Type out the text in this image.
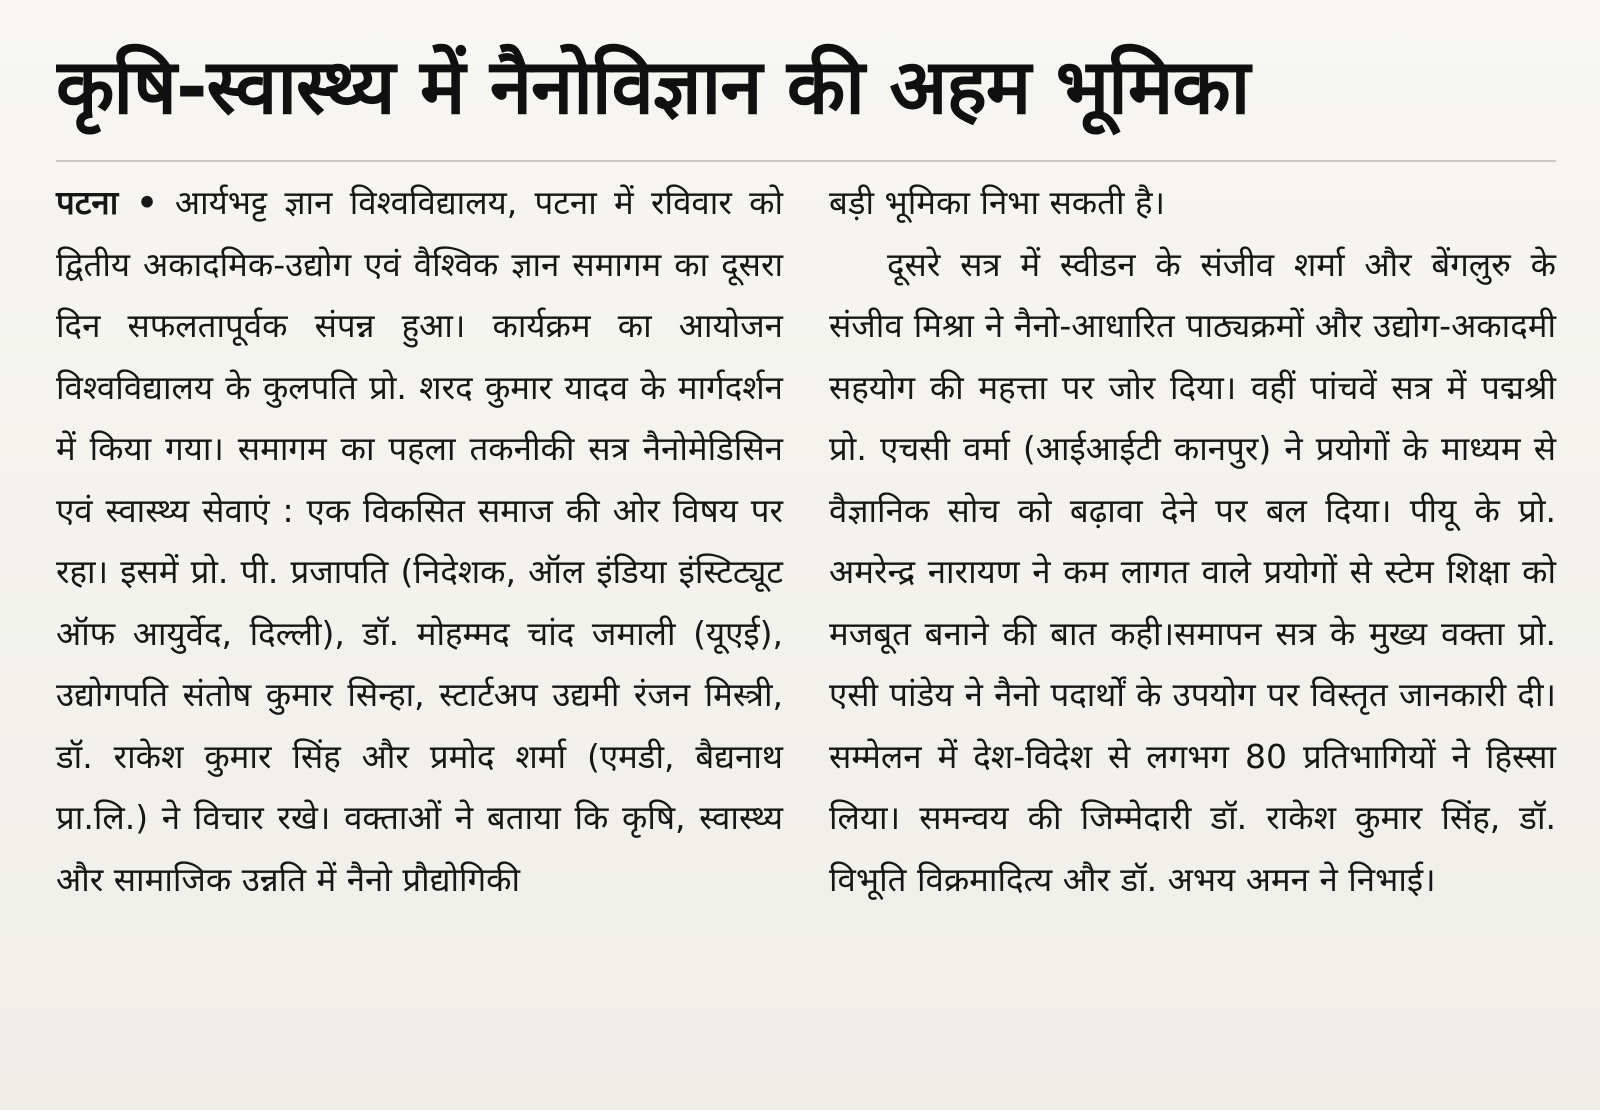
कृषि-स्वास्थ्य में नैनोविज्ञान की अहम भूमिका

पटना • आर्यभट्ट ज्ञान विश्वविद्यालय, पटना में रविवार को द्वितीय अकादमिक-उद्योग एवं वैश्विक ज्ञान समागम का दूसरा दिन सफलतापूर्वक संपन्न हुआ। कार्यक्रम का आयोजन विश्वविद्यालय के कुलपति प्रो. शरद कुमार यादव के मार्गदर्शन में किया गया। समागम का पहला तकनीकी सत्र नैनोमेडिसिन एवं स्वास्थ्य सेवाएं : एक विकसित समाज की ओर विषय पर रहा। इसमें प्रो. पी. प्रजापति (निदेशक, ऑल इंडिया इंस्टिट्यूट ऑफ आयुर्वेद, दिल्ली), डॉ. मोहम्मद चांद जमाली (यूएई), उद्योगपति संतोष कुमार सिन्हा, स्टार्टअप उद्यमी रंजन मिस्त्री, डॉ. राकेश कुमार सिंह और प्रमोद शर्मा (एमडी, बैद्यनाथ प्रा.लि.) ने विचार रखे। वक्ताओं ने बताया कि कृषि, स्वास्थ्य और सामाजिक उन्नति में नैनो प्रौद्योगिकी

बड़ी भूमिका निभा सकती है।

दूसरे सत्र में स्वीडन के संजीव शर्मा और बेंगलुरु के संजीव मिश्रा ने नैनो-आधारित पाठ्यक्रमों और उद्योग-अकादमी सहयोग की महत्ता पर जोर दिया। वहीं पांचवें सत्र में पद्मश्री प्रो. एचसी वर्मा (आईआईटी कानपुर) ने प्रयोगों के माध्यम से वैज्ञानिक सोच को बढ़ावा देने पर बल दिया। पीयू के प्रो. अमरेन्द्र नारायण ने कम लागत वाले प्रयोगों से स्टेम शिक्षा को मजबूत बनाने की बात कही।समापन सत्र के मुख्य वक्ता प्रो. एसी पांडेय ने नैनो पदार्थों के उपयोग पर विस्तृत जानकारी दी। सम्मेलन में देश-विदेश से लगभग 80 प्रतिभागियों ने हिस्सा लिया। समन्वय की जिम्मेदारी डॉ. राकेश कुमार सिंह, डॉ. विभूति विक्रमादित्य और डॉ. अभय अमन ने निभाई।
